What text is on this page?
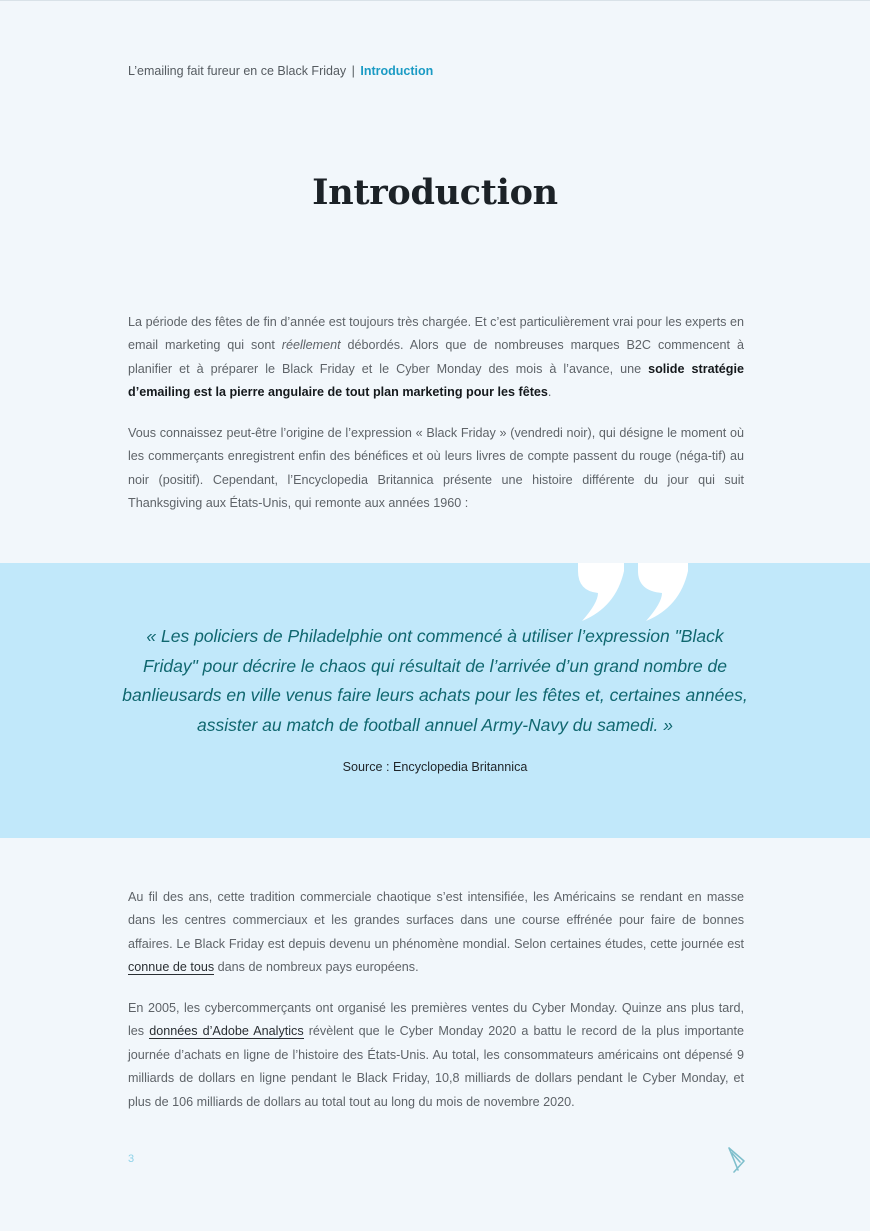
L’emailing fait fureur en ce Black Friday | Introduction
Introduction

La période des fêtes de fin d’année est toujours très chargée. Et c’est particulièrement vrai pour les experts en email marketing qui sont réellement débordés. Alors que de nombreuses marques B2C commencent à planifier et à préparer le Black Friday et le Cyber Monday des mois à l’avance, une solide stratégie d’emailing est la pierre angulaire de tout plan marketing pour les fêtes.

Vous connaissez peut-être l’origine de l’expression « Black Friday » (vendredi noir), qui désigne le moment où les commerçants enregistrent enfin des bénéfices et où leurs livres de compte passent du rouge (néga-tif) au noir (positif). Cependant, l’Encyclopedia Britannica présente une histoire différente du jour qui suit Thanksgiving aux États-Unis, qui remonte aux années 1960 :

« Les policiers de Philadelphie ont commencé à utiliser l’expression "Black Friday" pour décrire le chaos qui résultait de l’arrivée d’un grand nombre de banlieusards en ville venus faire leurs achats pour les fêtes et, certaines années, assister au match de football annuel Army-Navy du samedi. »

Source : Encyclopedia Britannica

Au fil des ans, cette tradition commerciale chaotique s’est intensifiée, les Américains se rendant en masse dans les centres commerciaux et les grandes surfaces dans une course effrénée pour faire de bonnes affaires. Le Black Friday est depuis devenu un phénomène mondial. Selon certaines études, cette journée est connue de tous dans de nombreux pays européens.

En 2005, les cybercommerçants ont organisé les premières ventes du Cyber Monday. Quinze ans plus tard, les données d’Adobe Analytics révèlent que le Cyber Monday 2020 a battu le record de la plus importante journée d’achats en ligne de l’histoire des États-Unis. Au total, les consommateurs américains ont dépensé 9 milliards de dollars en ligne pendant le Black Friday, 10,8 milliards de dollars pendant le Cyber Monday, et plus de 106 milliards de dollars au total tout au long du mois de novembre 2020.

3
